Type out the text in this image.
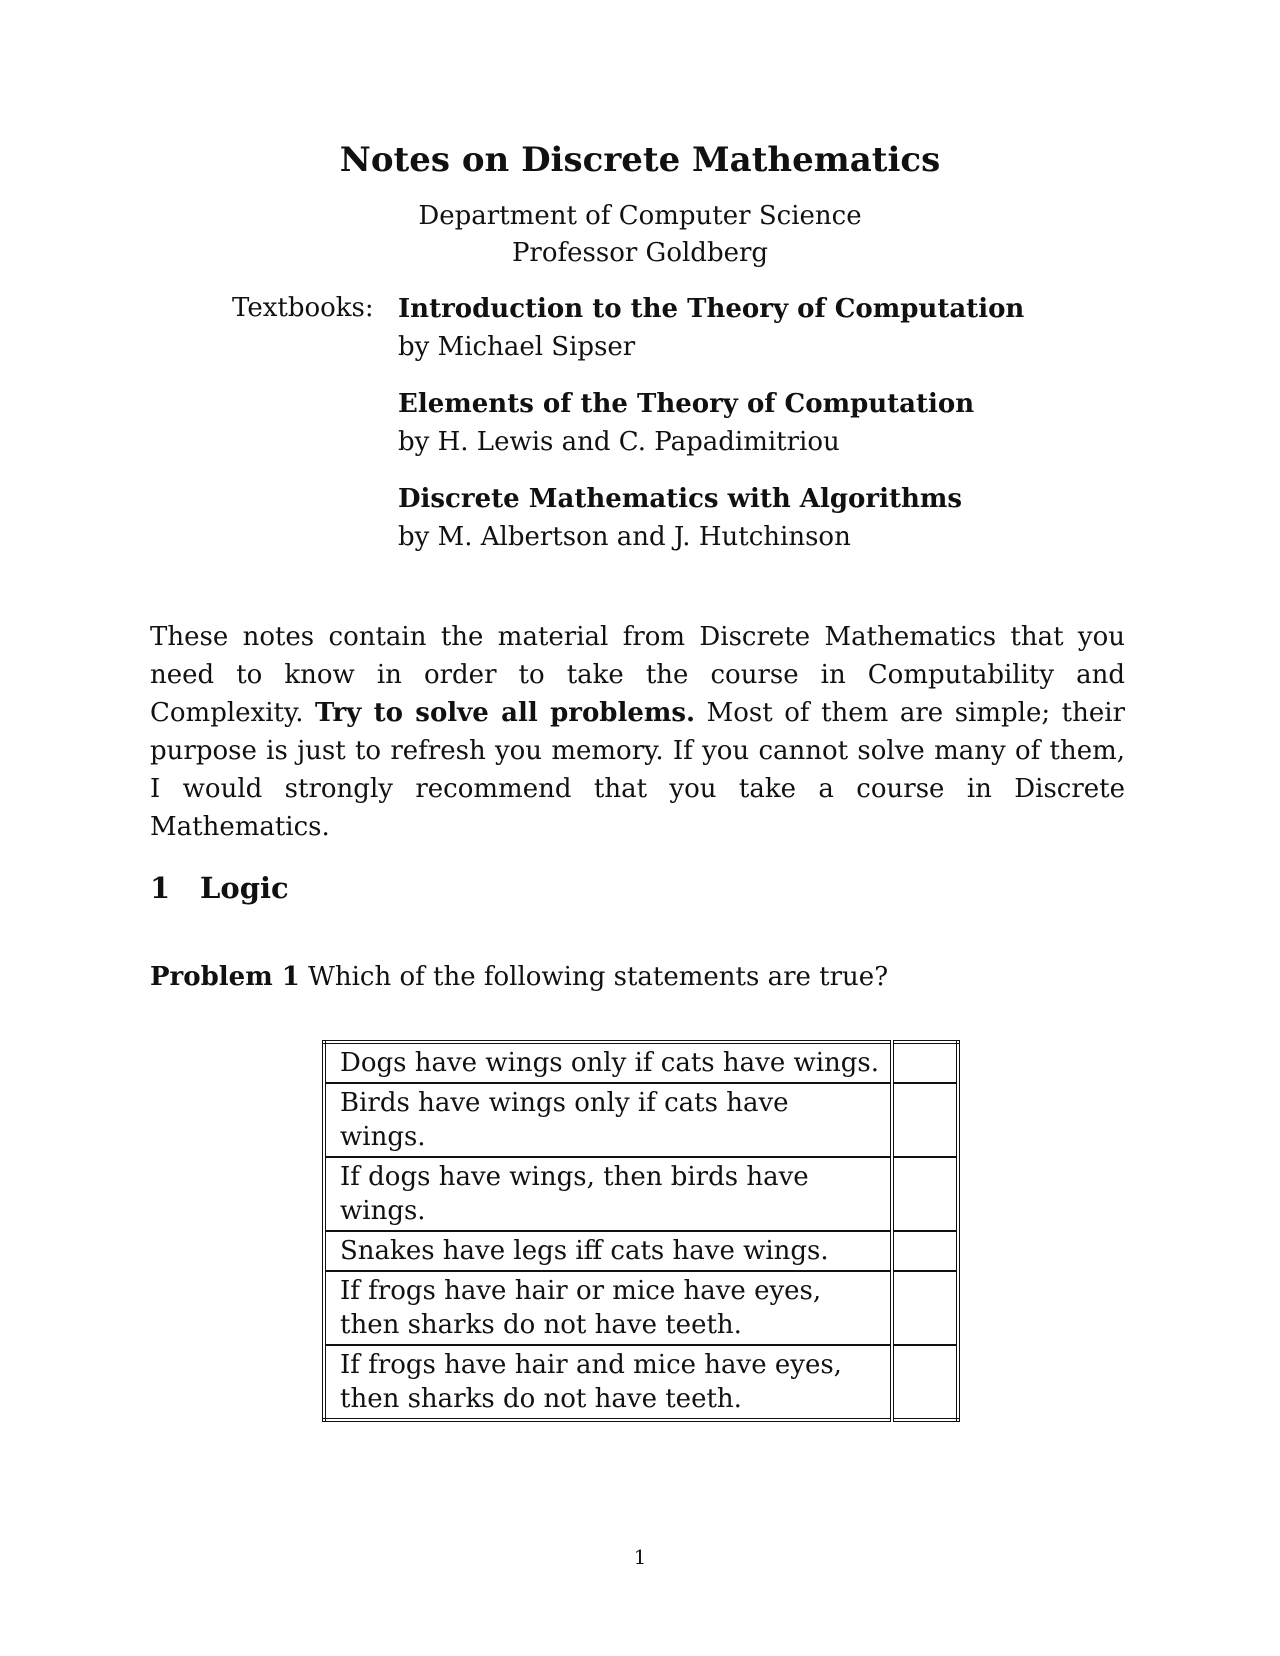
Notes on Discrete Mathematics
Department of Computer Science
Professor Goldberg
Textbooks: Introduction to the Theory of Computation
by Michael Sipser
Elements of the Theory of Computation
by H. Lewis and C. Papadimitriou
Discrete Mathematics with Algorithms
by M. Albertson and J. Hutchinson

These notes contain the material from Discrete Mathematics that you need to know in order to take the course in Computability and Complexity. Try to solve all problems. Most of them are simple; their purpose is just to refresh you memory. If you cannot solve many of them, I would strongly recommend that you take a course in Discrete Mathematics.

1 Logic
Problem 1 Which of the following statements are true?
Dogs have wings only if cats have wings.	
Birds have wings only if cats have wings.	
If dogs have wings, then birds have wings.	
Snakes have legs iff cats have wings.	
If frogs have hair or mice have eyes,
then sharks do not have teeth.	
If frogs have hair and mice have eyes,
then sharks do not have teeth.	
1
